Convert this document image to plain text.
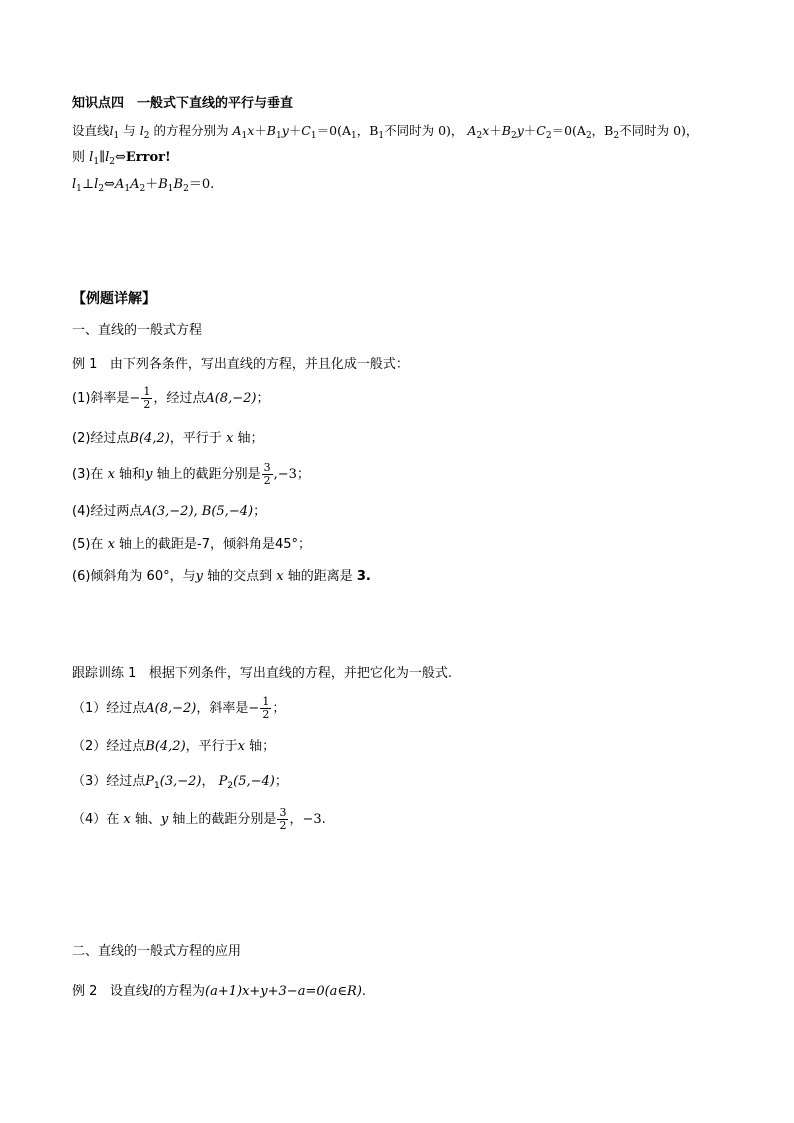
知识点四　一般式下直线的平行与垂直
设直线$l_1$ 与 $l_2$ 的方程分别为 $A_1x+B_1y+C_1=0(A_1$，$B_1$不同时为 0)， $A_2x+B_2y+C_2=0(A_2$，$B_2$不同时为 0)，
则 $l_1\parallel l_2\Leftrightarrow Error$!
$l_1\perp l_2\Leftrightarrow A_1A_2+B_1B_2=0$.
【例题详解】
一、直线的一般式方程
例 1 由下列各条件，写出直线的方程，并且化成一般式：
(1)斜率是− $\frac{1}{2}$ ，经过点A(8,−2)；
(2)经过点B(4,2)，平行于 x 轴；
(3)在 x 轴和y 轴上的截距分别是 $\frac{3}{2} ,-3$；
(4)经过两点A(3,−2), B(5,−4)；
(5)在 x 轴上的截距是-7，倾斜角是45°；
(6)倾斜角为 60°，与y 轴的交点到 x 轴的距离是 3.
跟踪训练 1 根据下列条件，写出直线的方程，并把它化为一般式.
（1）经过点A(8,−2)，斜率是− $\frac{1}{2}$ ；
（2）经过点B(4,2)，平行于x 轴；
（3）经过点$P_1(3,-2)$， $P_2(5,-4)$；
（4）在 x 轴、y 轴上的截距分别是 $\frac{3}{2}$ ，−3.
二、直线的一般式方程的应用
例 2 设直线l的方程为(a+1)x+y+3−a=0(a∈R).
